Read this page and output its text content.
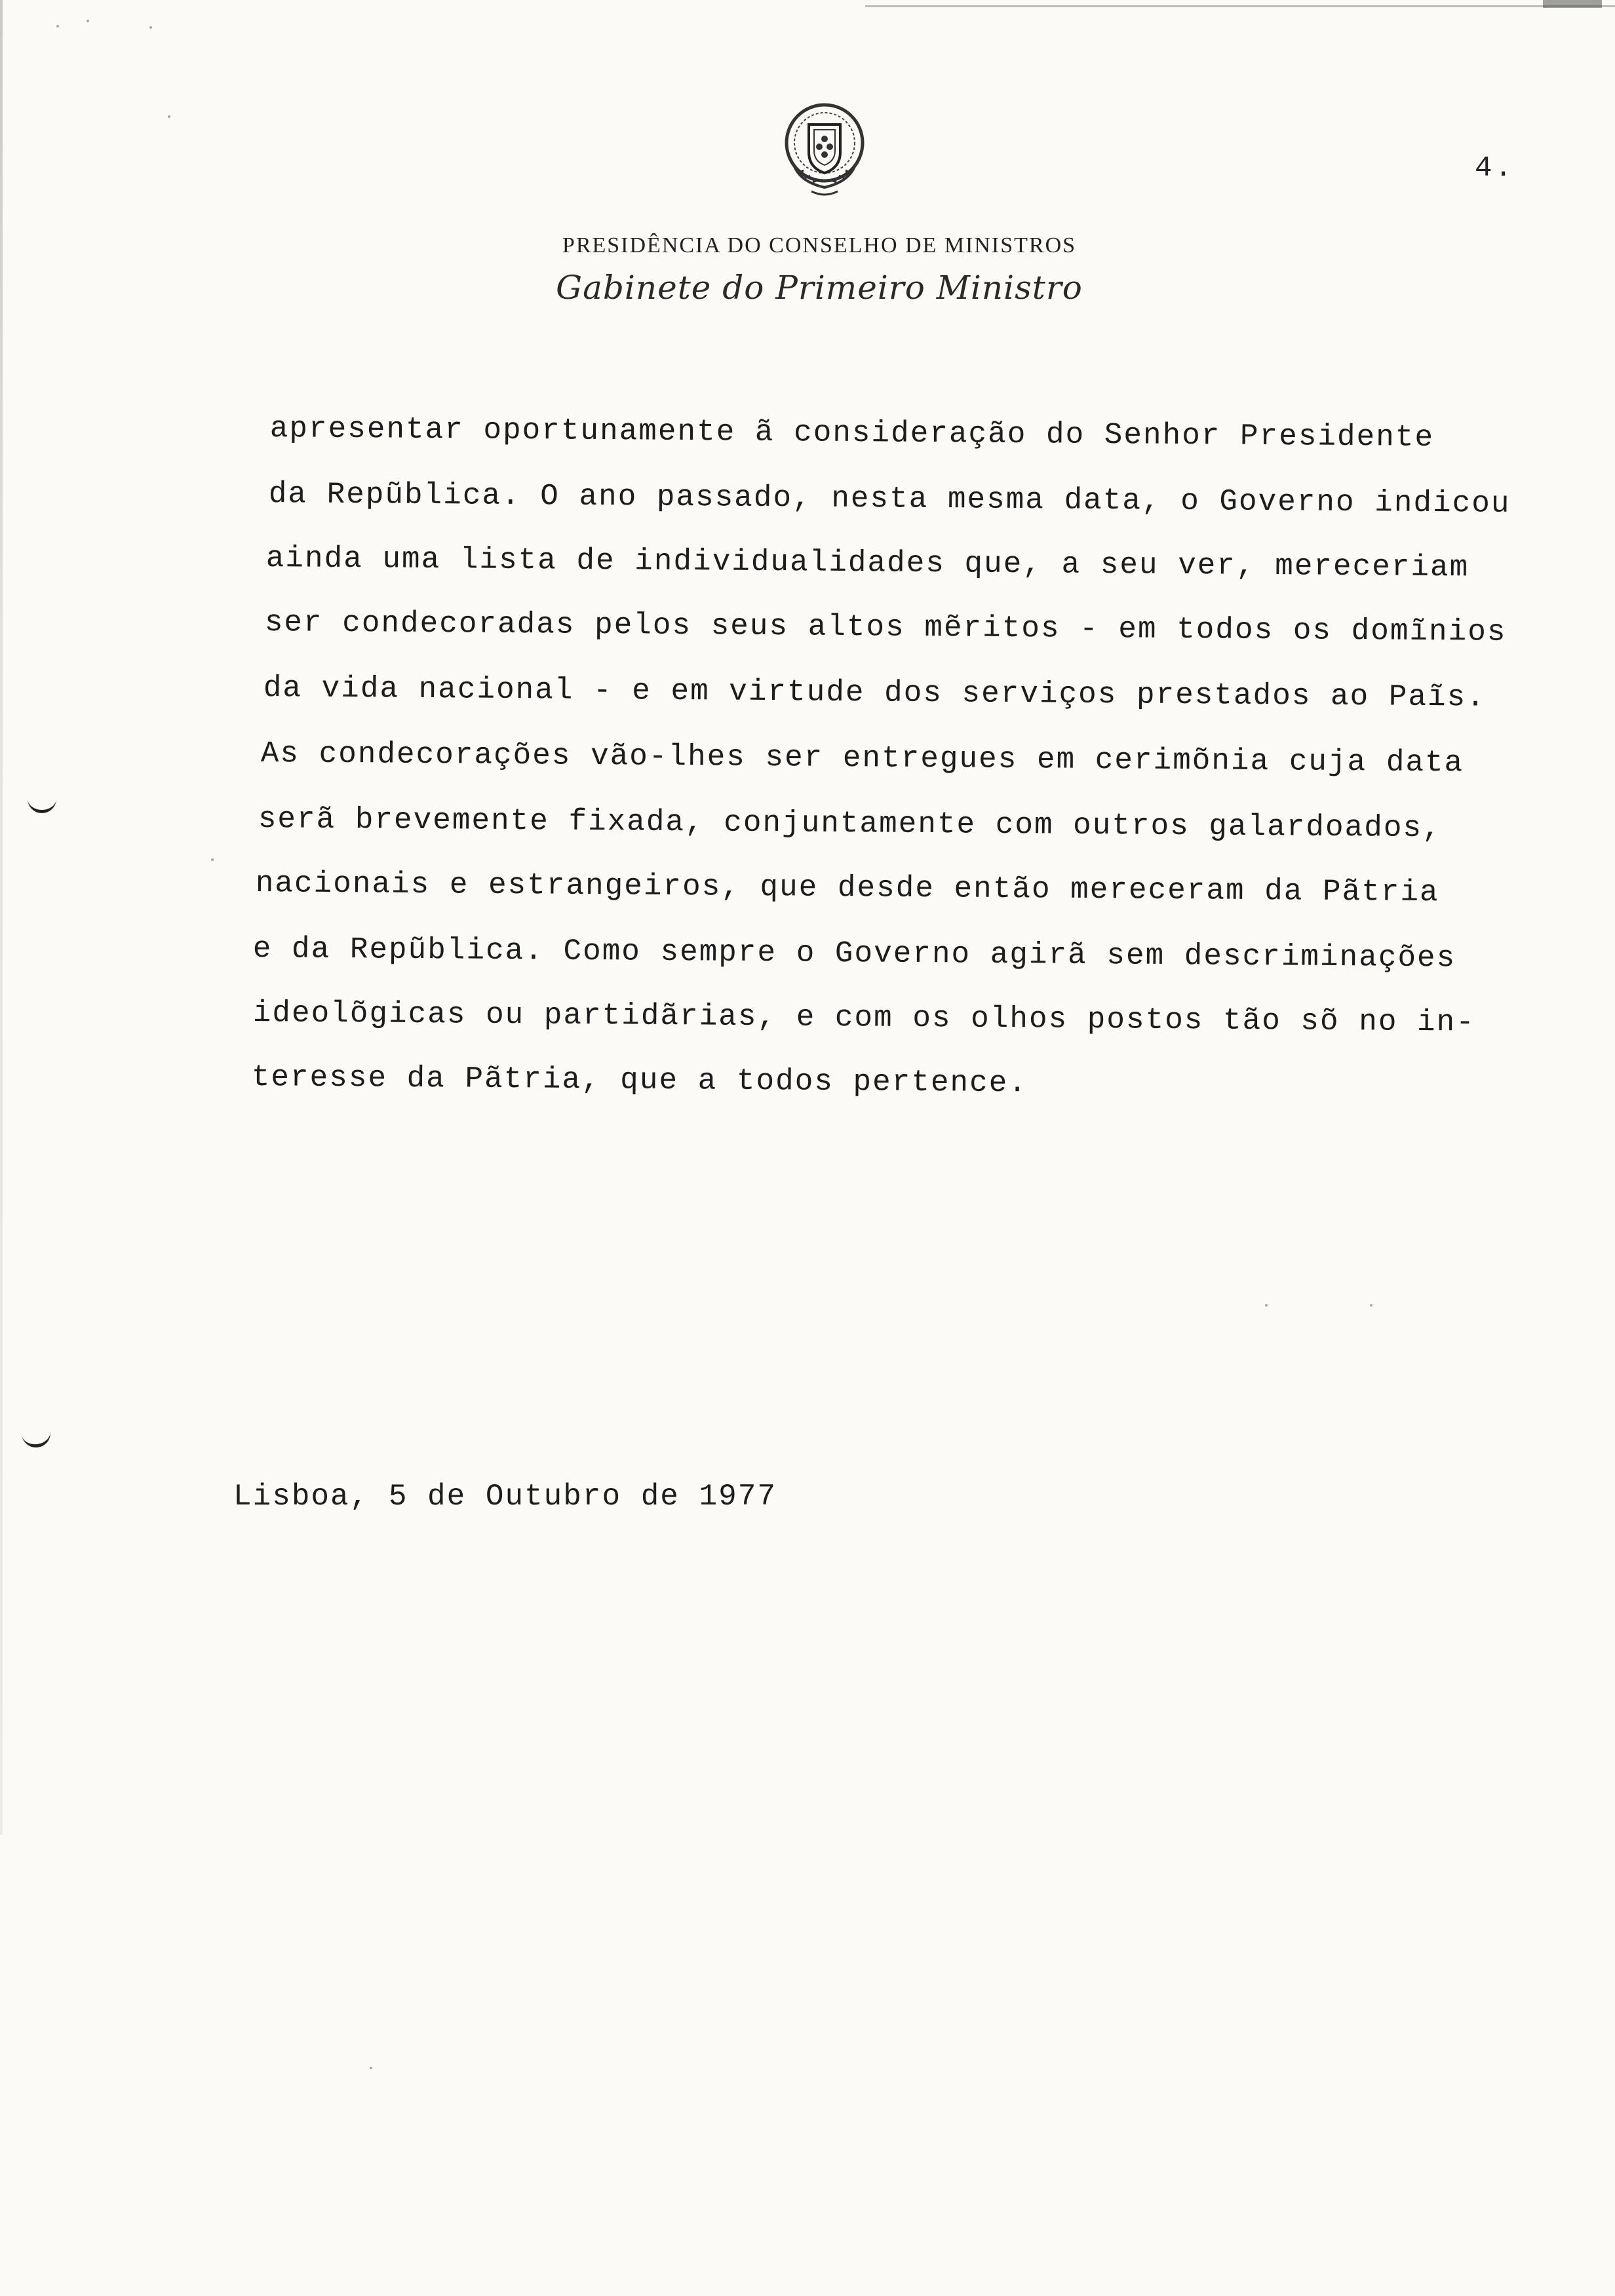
4.
PRESIDÊNCIA DO CONSELHO DE MINISTROS
Gabinete do Primeiro Ministro
apresentar oportunamente ã consideração do Senhor Presidente
da Repũblica. O ano passado, nesta mesma data, o Governo indicou
ainda uma lista de individualidades que, a seu ver, mereceriam
ser condecoradas pelos seus altos mẽritos - em todos os domĩnios
da vida nacional - e em virtude dos serviços prestados ao Paĩs.
As condecorações vão-lhes ser entregues em cerimõnia cuja data
serã brevemente fixada, conjuntamente com outros galardoados,
nacionais e estrangeiros, que desde então mereceram da Pãtria
e da Repũblica. Como sempre o Governo agirã sem descriminações
ideolõgicas ou partidãrias, e com os olhos postos tão sõ no in-
teresse da Pãtria, que a todos pertence.
Lisboa, 5 de Outubro de 1977
